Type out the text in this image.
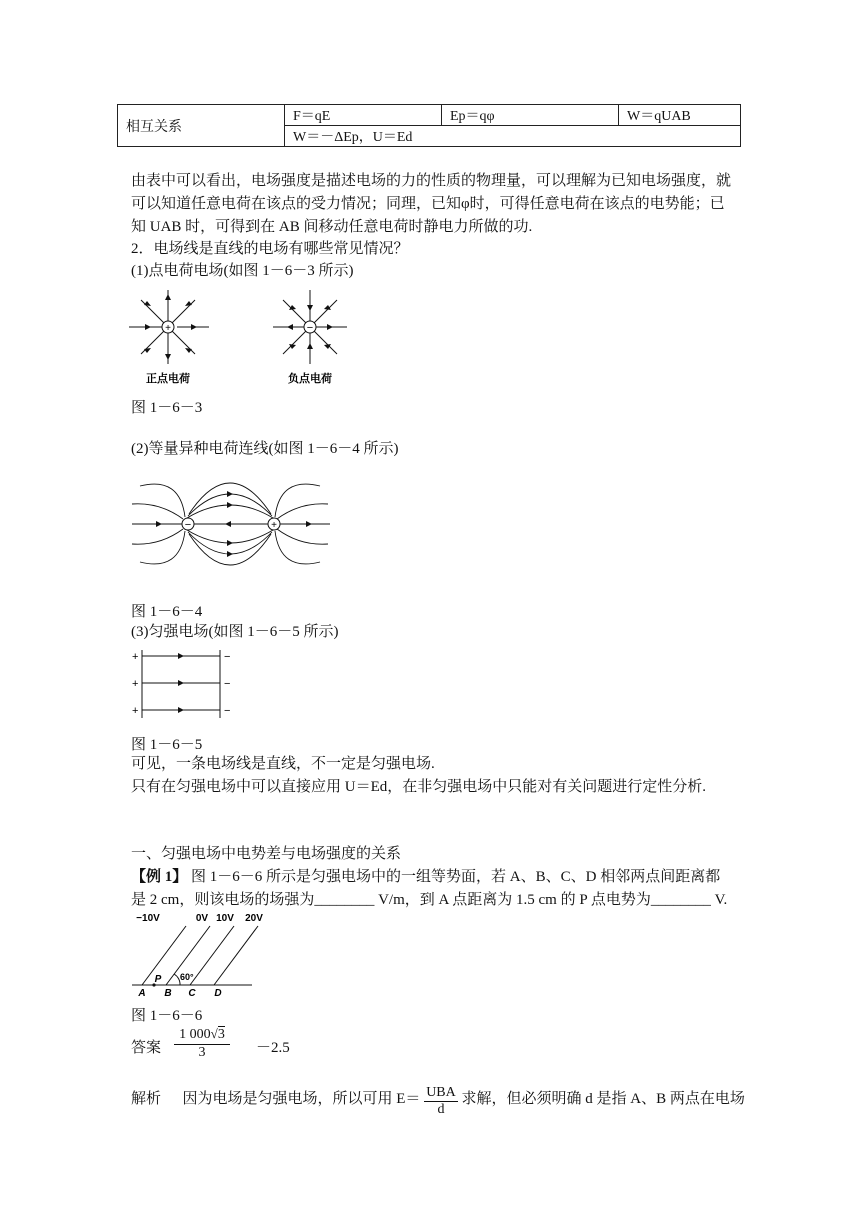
相互关系	F＝qE	Ep＝qφ	W＝qUAB
W＝－ΔEp，U＝Ed
由表中可以看出，电场强度是描述电场的力的性质的物理量，可以理解为已知电场强度，就
可以知道任意电荷在该点的受力情况；同理，已知φ时，可得任意电荷在该点的电势能；已
知 UAB 时，可得到在 AB 间移动任意电荷时静电力所做的功.
2．电场线是直线的电场有哪些常见情况？
(1)点电荷电场(如图 1－6－3 所示)
+	−
正点电荷	负点电荷
图 1－6－3
(2)等量异种电荷连线(如图 1－6－4 所示)
−	+
图 1－6－4
(3)匀强电场(如图 1－6－5 所示)
+
+
+
−
−
−
图 1－6－5
可见，一条电场线是直线，不一定是匀强电场.
只有在匀强电场中可以直接应用 U＝Ed，在非匀强电场中只能对有关问题进行定性分析.
一、匀强电场中电势差与电场强度的关系
【例 1】 图 1－6－6 所示是匀强电场中的一组等势面，若 A、B、C、D 相邻两点间距离都
是 2 cm，则该电场的场强为________ V/m，到 A 点距离为 1.5 cm 的 P 点电势为________ V.
−10V	0V 10V 20V
A B C D
P 60°
图 1－6－6
答案
1 000√3
3	－2.5
解析 因为电场是匀强电场，所以可用 E＝ UBA
d
求解，但必须明确 d 是指 A、B 两点在电场
